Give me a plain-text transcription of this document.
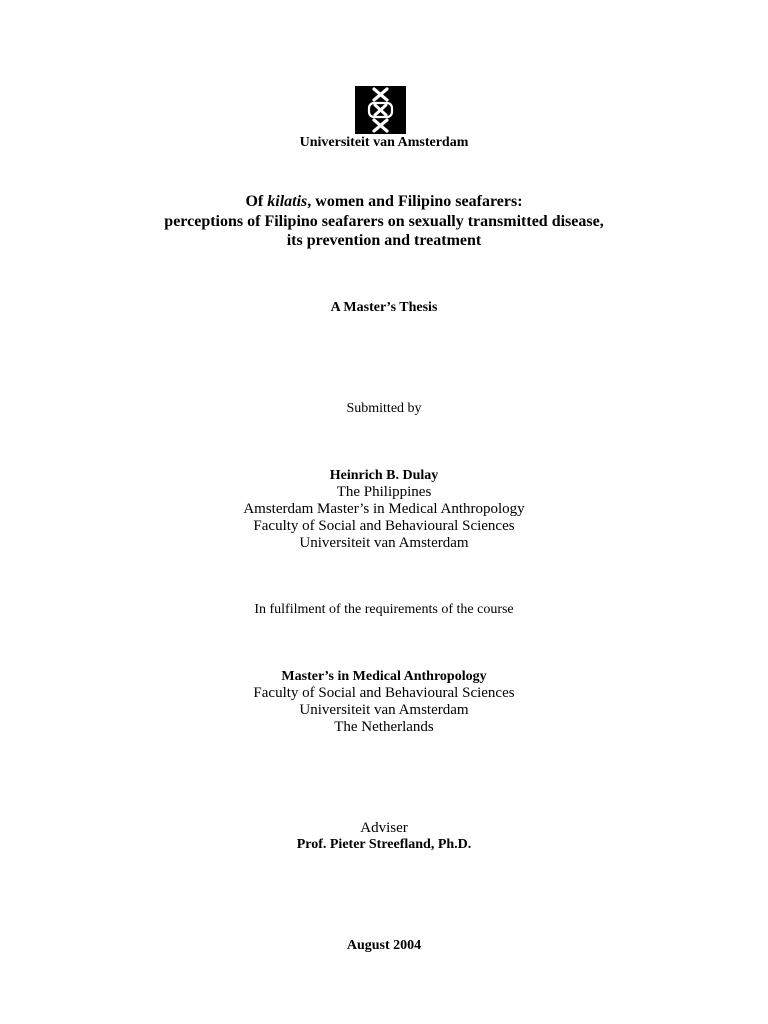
Universiteit van Amsterdam
Of kilatis, women and Filipino seafarers:
perceptions of Filipino seafarers on sexually transmitted disease,
its prevention and treatment
A Master’s Thesis
Submitted by
Heinrich B. Dulay
The Philippines
Amsterdam Master’s in Medical Anthropology
Faculty of Social and Behavioural Sciences
Universiteit van Amsterdam
In fulfilment of the requirements of the course
Master’s in Medical Anthropology
Faculty of Social and Behavioural Sciences
Universiteit van Amsterdam
The Netherlands
Adviser
Prof. Pieter Streefland, Ph.D.
August 2004
